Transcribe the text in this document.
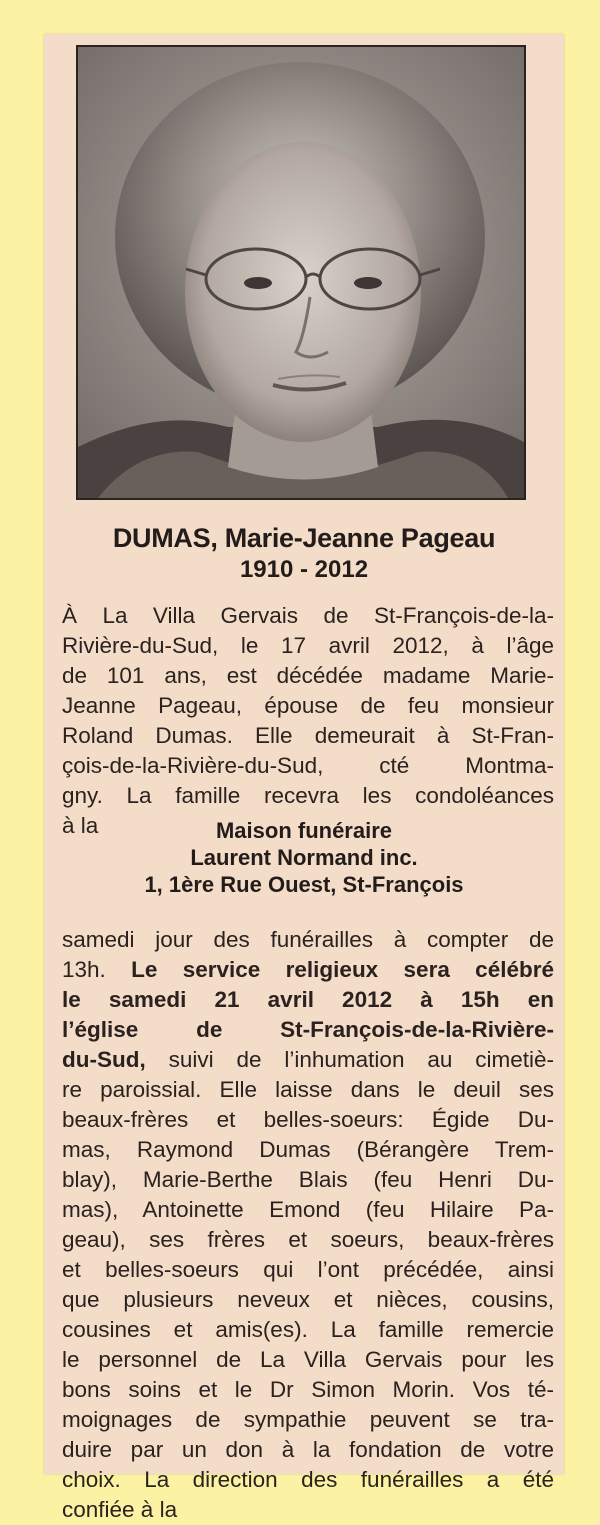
DUMAS, Marie-Jeanne Pageau
1910 - 2012
À La Villa Gervais de St-François-de-la-
Rivière-du-Sud, le 17 avril 2012, à l’âge
de 101 ans, est décédée madame Marie-
Jeanne Pageau, épouse de feu monsieur
Roland Dumas. Elle demeurait à St-Fran-
çois-de-la-Rivière-du-Sud, cté Montma-
gny. La famille recevra les condoléances
à la	Maison funéraire
Laurent Normand inc.
1, 1ère Rue Ouest, St-François
samedi jour des funérailles à compter de
13h. Le service religieux sera célébré
le samedi 21 avril 2012 à 15h en
l’église de St-François-de-la-Rivière-
du-Sud, suivi de l’inhumation au cimetiè-
re paroissial. Elle laisse dans le deuil ses
beaux-frères et belles-soeurs: Égide Du-
mas, Raymond Dumas (Bérangère Trem-
blay), Marie-Berthe Blais (feu Henri Du-
mas), Antoinette Emond (feu Hilaire Pa-
geau), ses frères et soeurs, beaux-frères
et belles-soeurs qui l’ont précédée, ainsi
que plusieurs neveux et nièces, cousins,
cousines et amis(es). La famille remercie
le personnel de La Villa Gervais pour les
bons soins et le Dr Simon Morin. Vos té-
moignages de sympathie peuvent se tra-
duire par un don à la fondation de votre
choix. La direction des funérailles a été
confiée à la
